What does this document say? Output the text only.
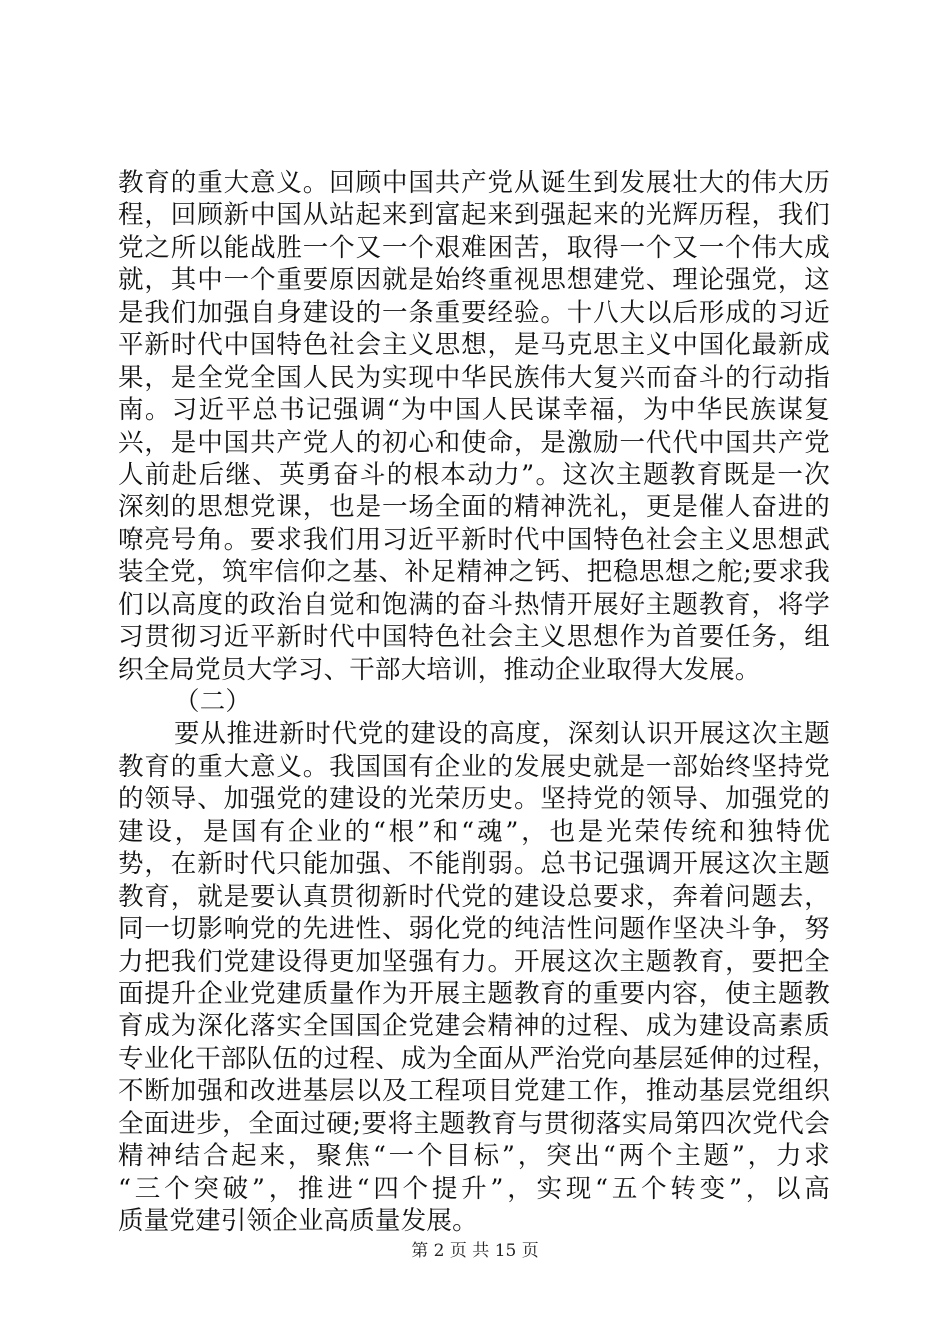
教育的重大意义。回顾中国共产党从诞生到发展壮大的伟大历
程，回顾新中国从站起来到富起来到强起来的光辉历程，我们
党之所以能战胜一个又一个艰难困苦，取得一个又一个伟大成
就，其中一个重要原因就是始终重视思想建党、理论强党，这
是我们加强自身建设的一条重要经验。十八大以后形成的习近
平新时代中国特色社会主义思想，是马克思主义中国化最新成
果，是全党全国人民为实现中华民族伟大复兴而奋斗的行动指
南。习近平总书记强调“为中国人民谋幸福，为中华民族谋复
兴，是中国共产党人的初心和使命，是激励一代代中国共产党
人前赴后继、英勇奋斗的根本动力”。这次主题教育既是一次
深刻的思想党课，也是一场全面的精神洗礼，更是催人奋进的
嘹亮号角。要求我们用习近平新时代中国特色社会主义思想武
装全党，筑牢信仰之基、补足精神之钙、把稳思想之舵;要求我
们以高度的政治自觉和饱满的奋斗热情开展好主题教育，将学
习贯彻习近平新时代中国特色社会主义思想作为首要任务，组
织全局党员大学习、干部大培训，推动企业取得大发展。
（二）
要从推进新时代党的建设的高度，深刻认识开展这次主题
教育的重大意义。我国国有企业的发展史就是一部始终坚持党
的领导、加强党的建设的光荣历史。坚持党的领导、加强党的
建设，是国有企业的“根”和“魂”，也是光荣传统和独特优
势，在新时代只能加强、不能削弱。总书记强调开展这次主题
教育，就是要认真贯彻新时代党的建设总要求，奔着问题去，
同一切影响党的先进性、弱化党的纯洁性问题作坚决斗争，努
力把我们党建设得更加坚强有力。开展这次主题教育，要把全
面提升企业党建质量作为开展主题教育的重要内容，使主题教
育成为深化落实全国国企党建会精神的过程、成为建设高素质
专业化干部队伍的过程、成为全面从严治党向基层延伸的过程，
不断加强和改进基层以及工程项目党建工作，推动基层党组织
全面进步，全面过硬;要将主题教育与贯彻落实局第四次党代会
精神结合起来，聚焦“一个目标”，突出“两个主题”，力求
“三个突破”，推进“四个提升”，实现“五个转变”，以高
质量党建引领企业高质量发展。
第 2 页 共 15 页
